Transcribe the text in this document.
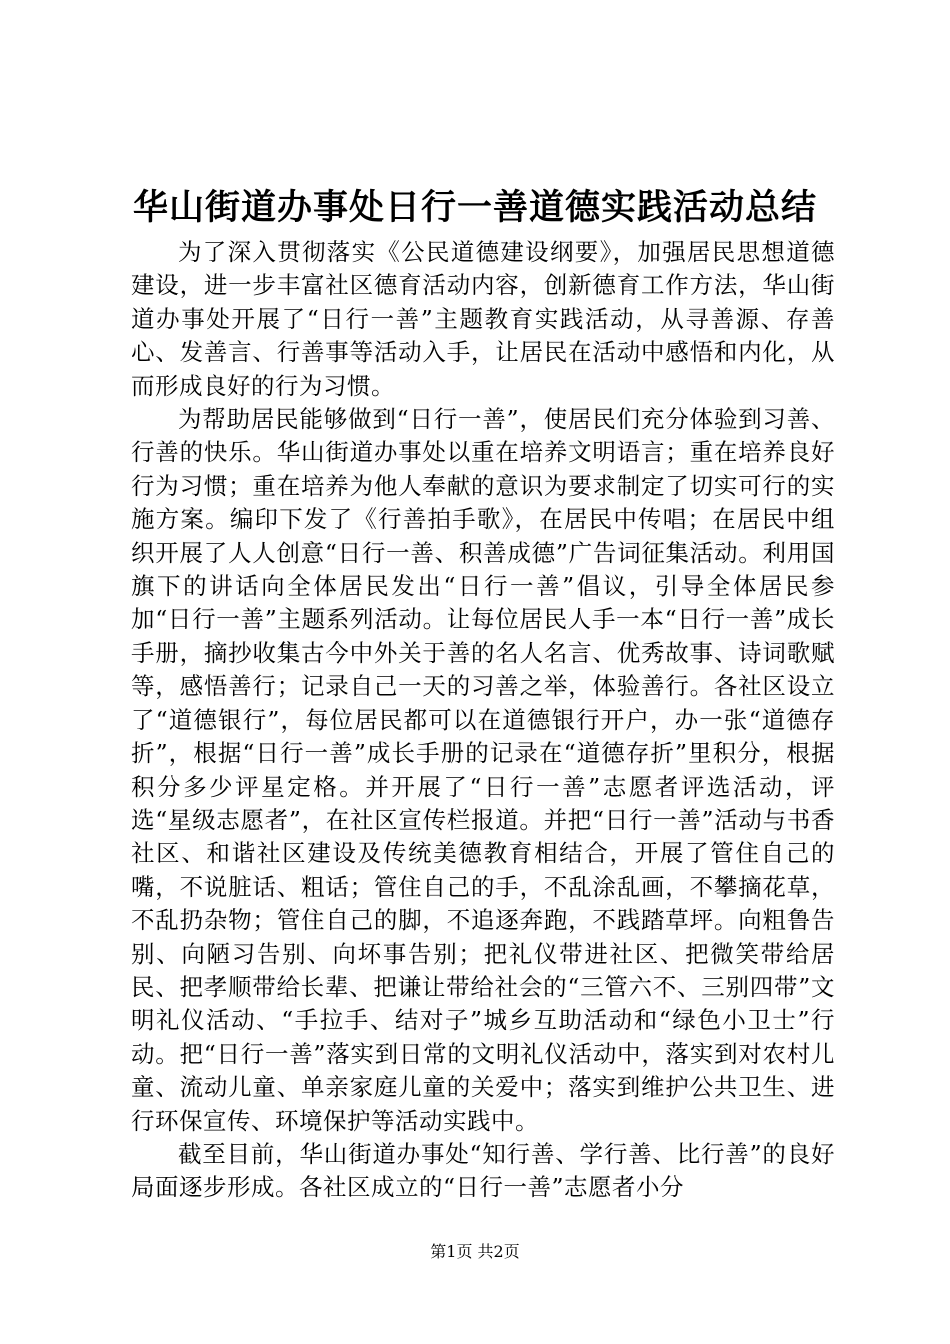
华山街道办事处日行一善道德实践活动总结

为了深入贯彻落实《公民道德建设纲要》，加强居民思想道德建设，进一步丰富社区德育活动内容，创新德育工作方法，华山街道办事处开展了“日行一善”主题教育实践活动，从寻善源、存善心、发善言、行善事等活动入手，让居民在活动中感悟和内化，从而形成良好的行为习惯。

为帮助居民能够做到“日行一善”，使居民们充分体验到习善、行善的快乐。华山街道办事处以重在培养文明语言；重在培养良好行为习惯；重在培养为他人奉献的意识为要求制定了切实可行的实施方案。编印下发了《行善拍手歌》，在居民中传唱；在居民中组织开展了人人创意“日行一善、积善成德”广告词征集活动。利用国旗下的讲话向全体居民发出“日行一善”倡议，引导全体居民参加“日行一善”主题系列活动。让每位居民人手一本“日行一善”成长手册，摘抄收集古今中外关于善的名人名言、优秀故事、诗词歌赋等，感悟善行；记录自己一天的习善之举，体验善行。各社区设立了“道德银行”，每位居民都可以在道德银行开户，办一张“道德存折”，根据“日行一善”成长手册的记录在“道德存折”里积分，根据积分多少评星定格。并开展了“日行一善”志愿者评选活动，评选“星级志愿者”，在社区宣传栏报道。并把“日行一善”活动与书香社区、和谐社区建设及传统美德教育相结合，开展了管住自己的嘴，不说脏话、粗话；管住自己的手，不乱涂乱画，不攀摘花草，不乱扔杂物；管住自己的脚，不追逐奔跑，不践踏草坪。向粗鲁告别、向陋习告别、向坏事告别；把礼仪带进社区、把微笑带给居民、把孝顺带给长辈、把谦让带给社会的“三管六不、三别四带”文明礼仪活动、“手拉手、结对子”城乡互助活动和“绿色小卫士”行动。把“日行一善”落实到日常的文明礼仪活动中，落实到对农村儿童、流动儿童、单亲家庭儿童的关爱中；落实到维护公共卫生、进行环保宣传、环境保护等活动实践中。

截至目前，华山街道办事处“知行善、学行善、比行善”的良好局面逐步形成。各社区成立的“日行一善”志愿者小分

第1页 共2页
